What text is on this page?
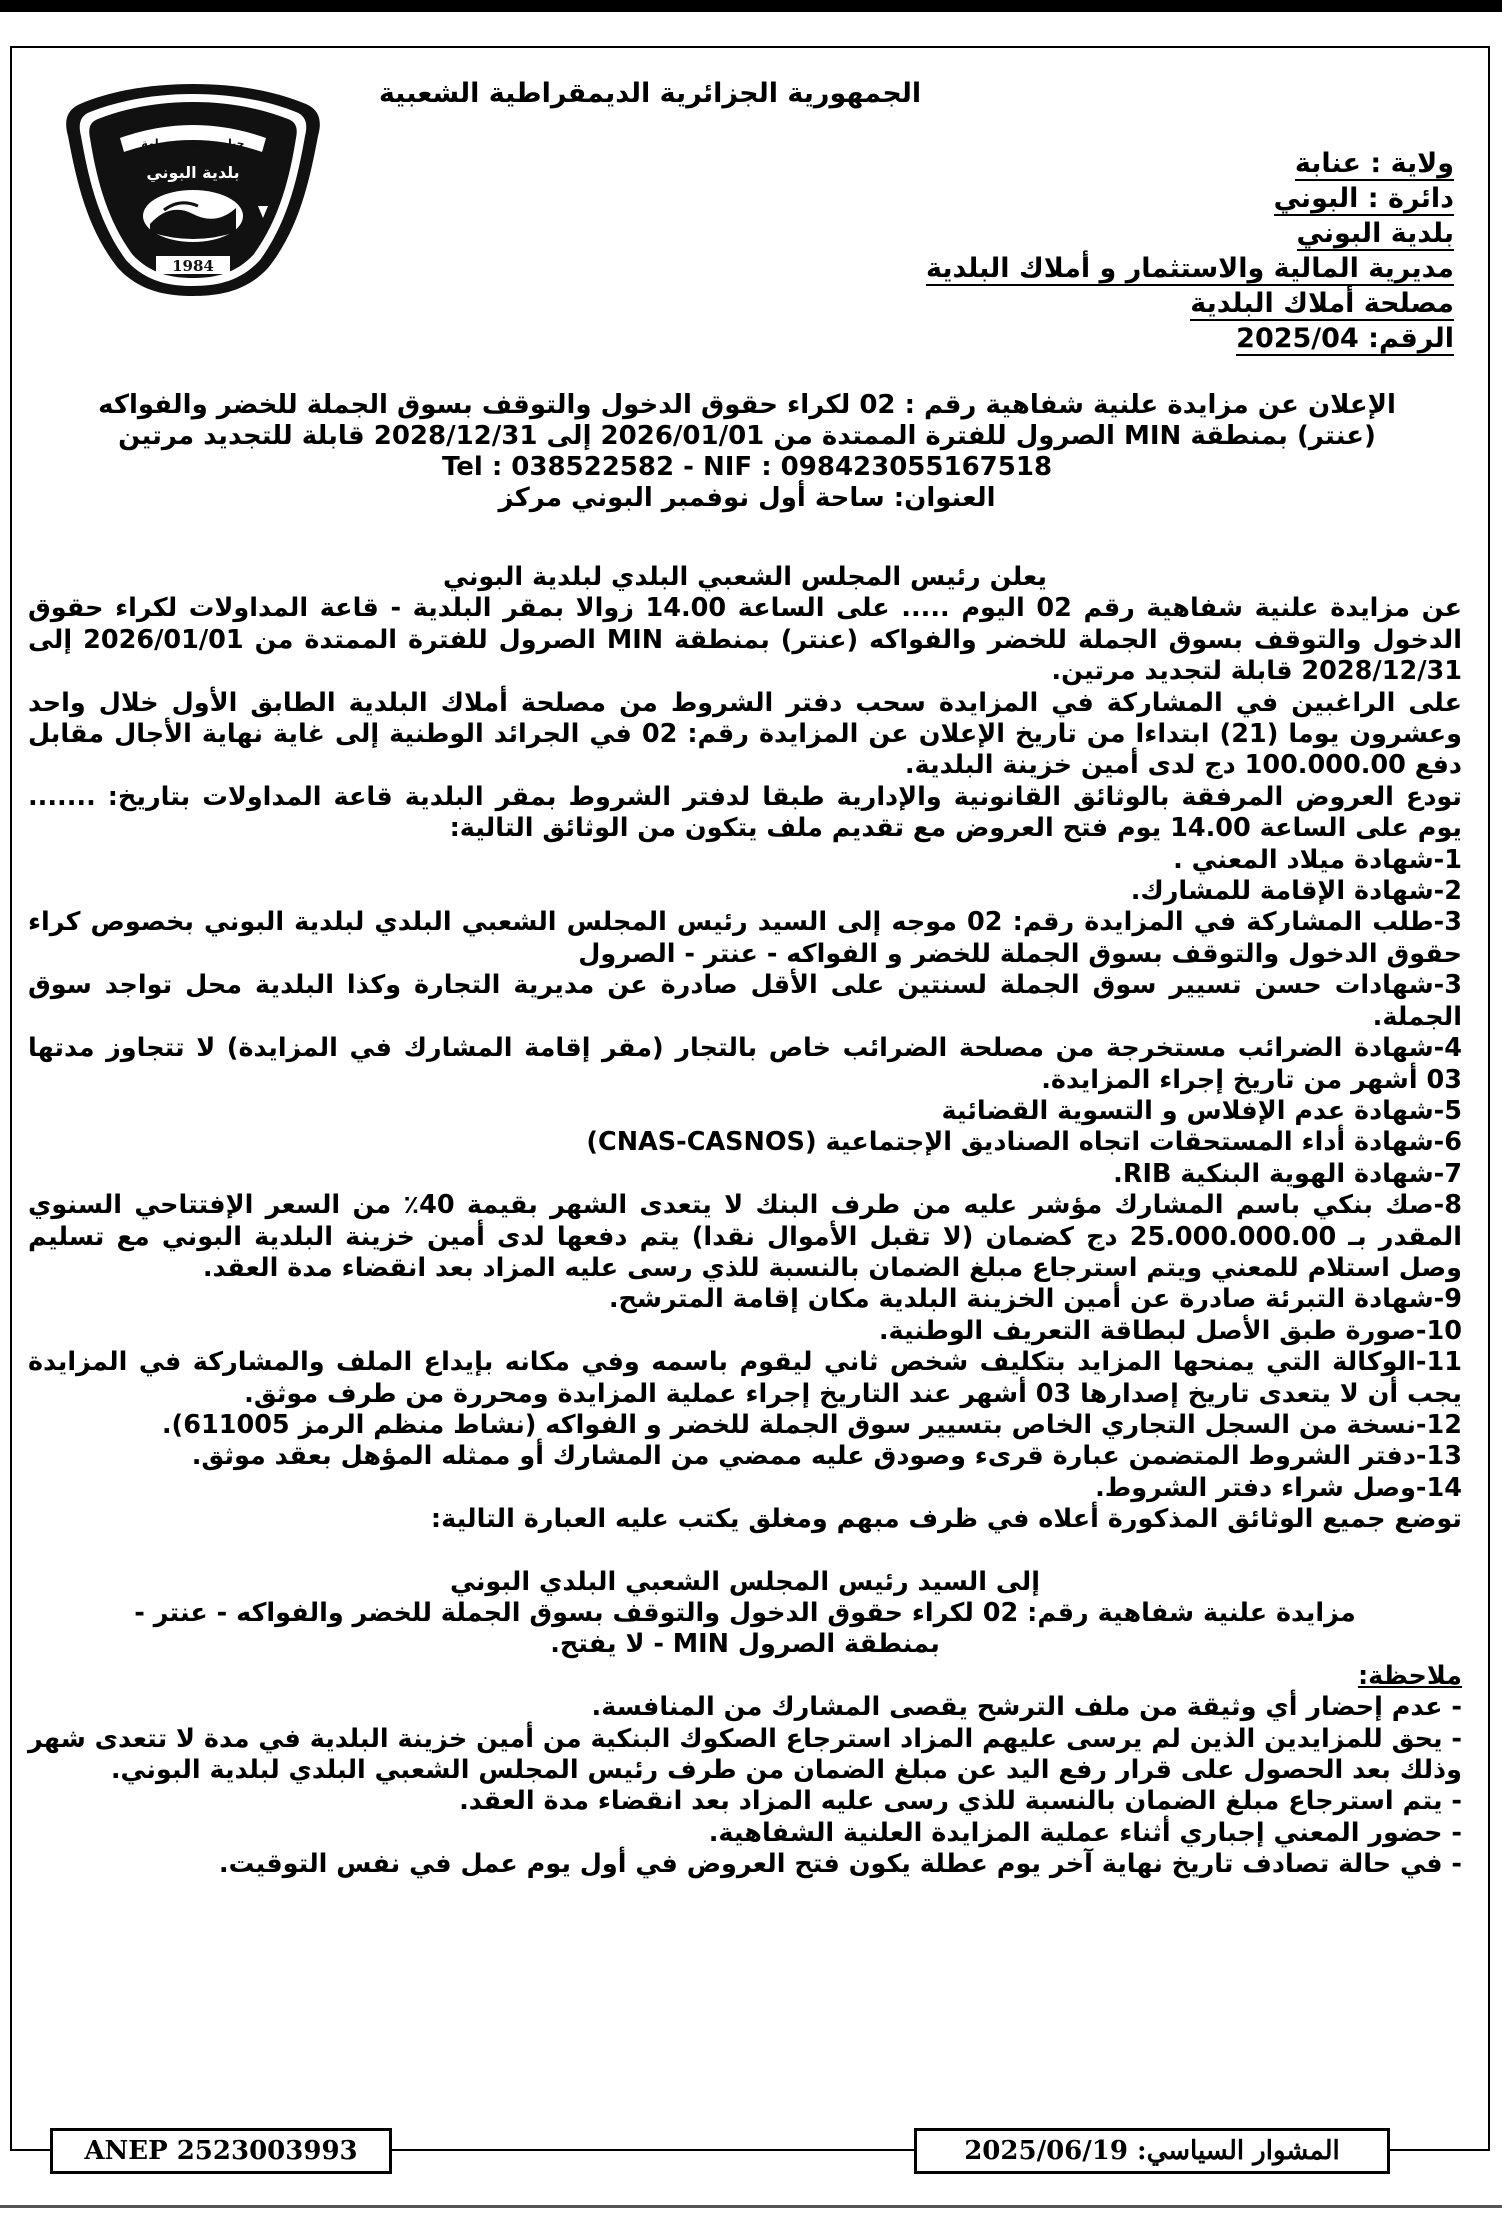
جيل تنمية مستدامة
بلدية البوني
1984
الجمهورية الجزائرية الديمقراطية الشعبية
ولاية : عنابة
دائرة : البوني
بلدية البوني
مديرية المالية والاستثمار و أملاك البلدية
مصلحة أملاك البلدية
الرقم: 2025/04
الإعلان عن مزايدة علنية شفاهية رقم : 02 لكراء حقوق الدخول والتوقف بسوق الجملة للخضر والفواكه
(عنتر) بمنطقة MIN الصرول للفترة الممتدة من 2026/01/01 إلى 2028/12/31 قابلة للتجديد مرتين
Tel : 038522582 - NIF : 09842305516751​8
العنوان: ساحة أول نوفمبر البوني مركز

يعلن رئيس المجلس الشعبي البلدي لبلدية البوني

عن مزايدة علنية شفاهية رقم 02 اليوم ..... على الساعة 14.00 زوالا بمقر البلدية - قاعة المداولات لكراء حقوق الدخول والتوقف بسوق الجملة للخضر والفواكه (عنتر) بمنطقة MIN الصرول للفترة الممتدة من 2026/01/01 إلى 2028/12/31 قابلة لتجديد مرتين.

على الراغبين في المشاركة في المزايدة سحب دفتر الشروط من مصلحة أملاك البلدية الطابق الأول خلال واحد وعشرون يوما (21) ابتداءا من تاريخ الإعلان عن المزايدة رقم: 02 في الجرائد الوطنية إلى غاية نهاية الأجال مقابل دفع 100.000.00 دج لدى أمين خزينة البلدية.

تودع العروض المرفقة بالوثائق القانونية والإدارية طبقا لدفتر الشروط بمقر البلدية قاعة المداولات بتاريخ: ....... يوم على الساعة 14.00 يوم فتح العروض مع تقديم ملف يتكون من الوثائق التالية:

1-شهادة ميلاد المعني .
2-شهادة الإقامة للمشارك.
3-طلب المشاركة في المزايدة رقم: 02 موجه إلى السيد رئيس المجلس الشعبي البلدي لبلدية البوني بخصوص كراء حقوق الدخول والتوقف بسوق الجملة للخضر و الفواكه - عنتر - الصرول
3-شهادات حسن تسيير سوق الجملة لسنتين على الأقل صادرة عن مديرية التجارة وكذا البلدية محل تواجد سوق الجملة.
4-شهادة الضرائب مستخرجة من مصلحة الضرائب خاص بالتجار (مقر إقامة المشارك في المزايدة) لا تتجاوز مدتها 03 أشهر من تاريخ إجراء المزايدة.
5-شهادة عدم الإفلاس و التسوية القضائية
6-شهادة أداء المستحقات اتجاه الصناديق الإجتماعية (CNAS-CASNOS)
7-شهادة الهوية البنكية RIB.
8-صك بنكي باسم المشارك مؤشر عليه من طرف البنك لا يتعدى الشهر بقيمة 40٪ من السعر الإفتتاحي السنوي المقدر بـ 25.000.000.00 دج كضمان (لا تقبل الأموال نقدا) يتم دفعها لدى أمين خزينة البلدية البوني مع تسليم وصل استلام للمعني ويتم استرجاع مبلغ الضمان بالنسبة للذي رسى عليه المزاد بعد انقضاء مدة العقد.
9-شهادة التبرئة صادرة عن أمين الخزينة البلدية مكان إقامة المترشح.
10-صورة طبق الأصل لبطاقة التعريف الوطنية.
11-الوكالة التي يمنحها المزايد بتكليف شخص ثاني ليقوم باسمه وفي مكانه بإيداع الملف والمشاركة في المزايدة يجب أن لا يتعدى تاريخ إصدارها 03 أشهر عند التاريخ إجراء عملية المزايدة ومحررة من طرف موثق.
12-نسخة من السجل التجاري الخاص بتسيير سوق الجملة للخضر و الفواكه (نشاط منظم الرمز 611005).
13-دفتر الشروط المتضمن عبارة قرىء وصودق عليه ممضي من المشارك أو ممثله المؤهل بعقد موثق.
14-وصل شراء دفتر الشروط.

توضع جميع الوثائق المذكورة أعلاه في ظرف مبهم ومغلق يكتب عليه العبارة التالية:

إلى السيد رئيس المجلس الشعبي البلدي البوني

مزايدة علنية شفاهية رقم: 02 لكراء حقوق الدخول والتوقف بسوق الجملة للخضر والفواكه - عنتر -

بمنطقة الصرول MIN - لا يفتح.

ملاحظة:

- عدم إحضار أي وثيقة من ملف الترشح يقصى المشارك من المنافسة.
- يحق للمزايدين الذين لم يرسى عليهم المزاد استرجاع الصكوك البنكية من أمين خزينة البلدية في مدة لا تتعدى شهر وذلك بعد الحصول على قرار رفع اليد عن مبلغ الضمان من طرف رئيس المجلس الشعبي البلدي لبلدية البوني.
- يتم استرجاع مبلغ الضمان بالنسبة للذي رسى عليه المزاد بعد انقضاء مدة العقد.
- حضور المعني إجباري أثناء عملية المزايدة العلنية الشفاهية.
- في حالة تصادف تاريخ نهاية آخر يوم عطلة يكون فتح العروض في أول يوم عمل في نفس التوقيت.
ANEP 2523003993	المشوار السياسي: 2025/06/19
